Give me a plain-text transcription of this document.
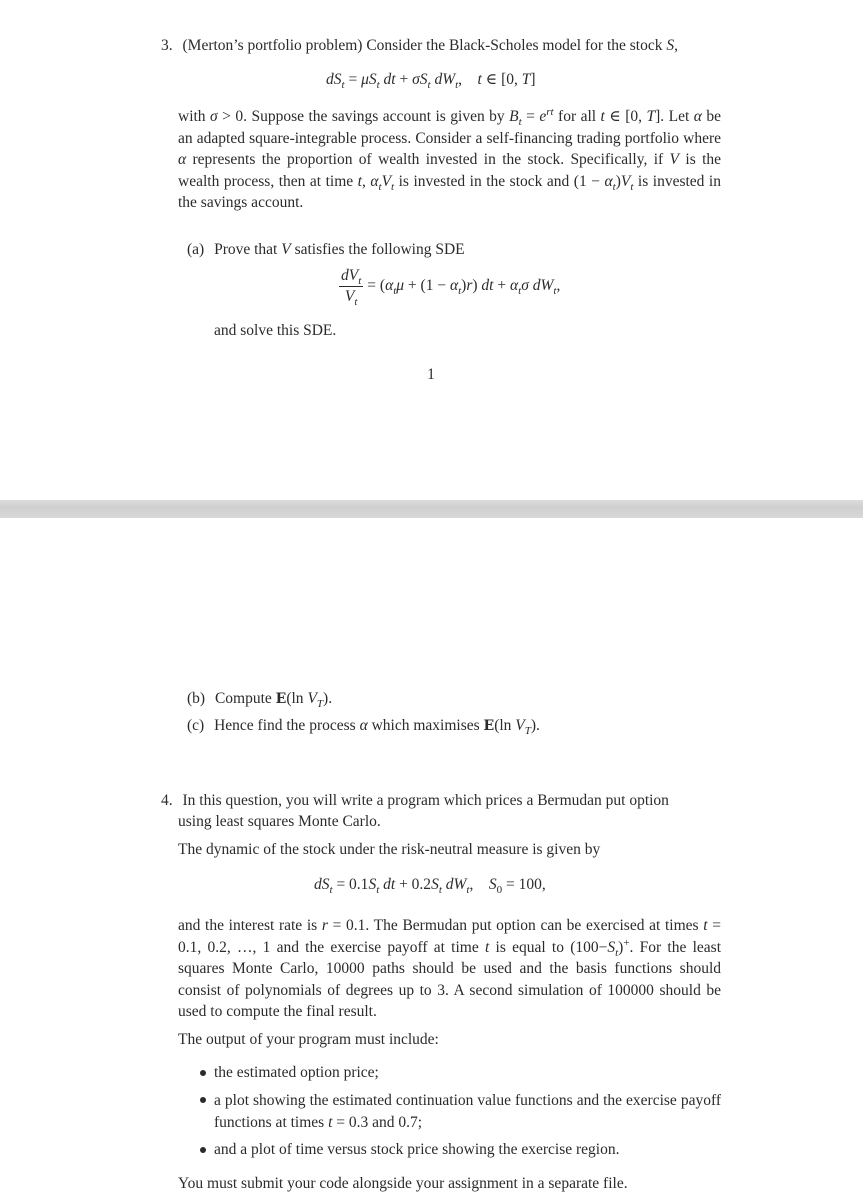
3. (Merton’s portfolio problem) Consider the Black-Scholes model for the stock S,
$dS_t = \mu S_t$ dt + $\sigma S_t$ $dW_t$,    t ∈ [0, T]
with σ > 0. Suppose the savings account is given by $B_t = e^{rt}$ for all t ∈ [0, T]. Let α be an adapted square-integrable process. Consider a self-financing trading portfolio where α represents the proportion of wealth invested in the stock. Specifically, if V is the wealth process, then at time t, $\alpha_tV_t$ is invested in the stock and $(1 - \alpha_t)V_t$ is invested in the savings account.
(a) Prove that V satisfies the following SDE
$\frac{dV_t}{V_t} = (\alpha_t\mu + (1 - \alpha_t)r)$ dt + $\alpha_t\sigma$ $dW_t$,
and solve this SDE.
1
(b) Compute E(ln $V_T$).
(c) Hence find the process α which maximises E(ln $V_T$).
4. In this question, you will write a program which prices a Bermudan put option
using least squares Monte Carlo.
The dynamic of the stock under the risk-neutral measure is given by
$dS_t = 0.1S_t$ dt + $0.2S_t$ $dW_t$,    $S_0 = 100$,
and the interest rate is r = 0.1. The Bermudan put option can be exercised at times t = 0.1, 0.2, …, 1 and the exercise payoff at time t is equal to $(100-S_t)^+$. For the least squares Monte Carlo, 10000 paths should be used and the basis functions should consist of polynomials of degrees up to 3. A second simulation of 100000 should be used to compute the final result.
The output of your program must include:
the estimated option price;
a plot showing the estimated continuation value functions and the exercise payoff functions at times t = 0.3 and 0.7;
and a plot of time versus stock price showing the exercise region.
You must submit your code alongside your assignment in a separate file.
